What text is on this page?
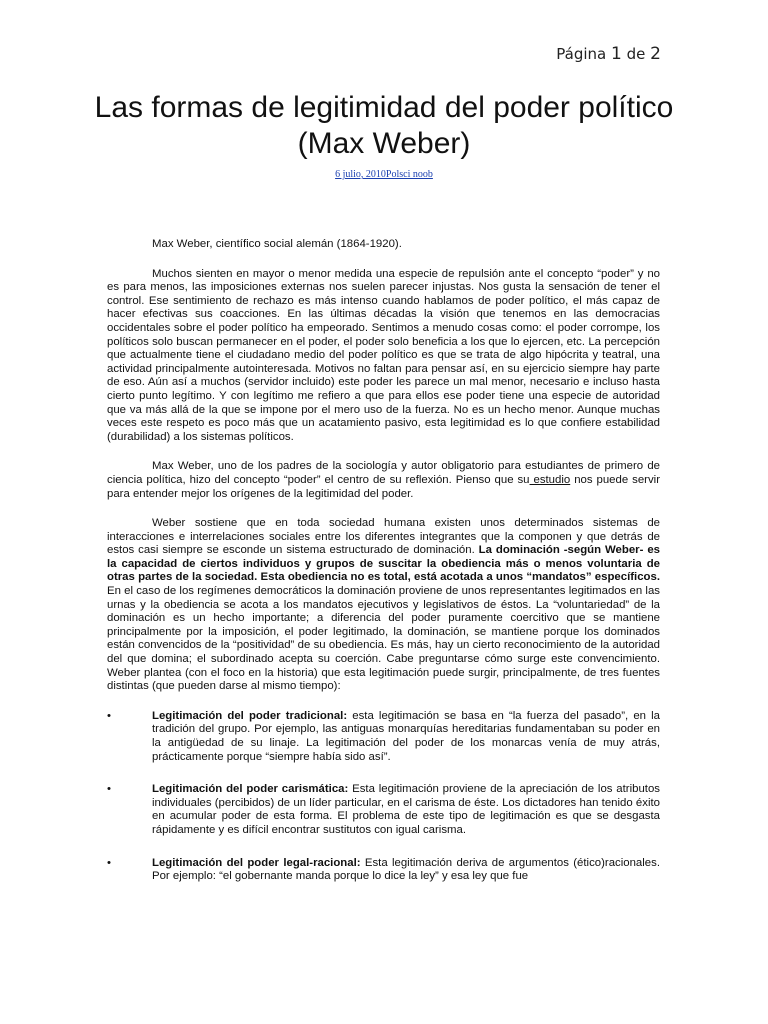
Página 1 de 2
Las formas de legitimidad del poder político (Max Weber)
6 julio, 2010Polsci noob

Max Weber, científico social alemán (1864-1920).

Muchos sienten en mayor o menor medida una especie de repulsión ante el concepto “poder” y no es para menos, las imposiciones externas nos suelen parecer injustas. Nos gusta la sensación de tener el control. Ese sentimiento de rechazo es más intenso cuando hablamos de poder político, el más capaz de hacer efectivas sus coacciones. En las últimas décadas la visión que tenemos en las democracias occidentales sobre el poder político ha empeorado. Sentimos a menudo cosas como: el poder corrompe, los políticos solo buscan permanecer en el poder, el poder solo beneficia a los que lo ejercen, etc. La percepción que actualmente tiene el ciudadano medio del poder político es que se trata de algo hipócrita y teatral, una actividad principalmente autointeresada. Motivos no faltan para pensar así, en su ejercicio siempre hay parte de eso. Aún así a muchos (servidor incluido) este poder les parece un mal menor, necesario e incluso hasta cierto punto legítimo. Y con legítimo me refiero a que para ellos ese poder tiene una especie de autoridad que va más allá de la que se impone por el mero uso de la fuerza. No es un hecho menor. Aunque muchas veces este respeto es poco más que un acatamiento pasivo, esta legitimidad es lo que confiere estabilidad (durabilidad) a los sistemas políticos.

Max Weber, uno de los padres de la sociología y autor obligatorio para estudiantes de primero de ciencia política, hizo del concepto “poder” el centro de su reflexión. Pienso que su estudio nos puede servir para entender mejor los orígenes de la legitimidad del poder.

Weber sostiene que en toda sociedad humana existen unos determinados sistemas de interacciones e interrelaciones sociales entre los diferentes integrantes que la componen y que detrás de estos casi siempre se esconde un sistema estructurado de dominación. La dominación -según Weber- es la capacidad de ciertos individuos y grupos de suscitar la obediencia más o menos voluntaria de otras partes de la sociedad. Esta obediencia no es total, está acotada a unos “mandatos” específicos. En el caso de los regímenes democráticos la dominación proviene de unos representantes legitimados en las urnas y la obediencia se acota a los mandatos ejecutivos y legislativos de éstos. La “voluntariedad” de la dominación es un hecho importante; a diferencia del poder puramente coercitivo que se mantiene principalmente por la imposición, el poder legitimado, la dominación, se mantiene porque los dominados están convencidos de la “positividad” de su obediencia. Es más, hay un cierto reconocimiento de la autoridad del que domina; el subordinado acepta su coerción. Cabe preguntarse cómo surge este convencimiento. Weber plantea (con el foco en la historia) que esta legitimación puede surgir, principalmente, de tres fuentes distintas (que pueden darse al mismo tiempo):

•	Legitimación del poder tradicional: esta legitimación se basa en “la fuerza del pasado”, en la tradición del grupo. Por ejemplo, las antiguas monarquías hereditarias fundamentaban su poder en la antigüedad de su linaje. La legitimación del poder de los monarcas venía de muy atrás, prácticamente porque “siempre había sido así”.
•	Legitimación del poder carismática: Esta legitimación proviene de la apreciación de los atributos individuales (percibidos) de un líder particular, en el carisma de éste. Los dictadores han tenido éxito en acumular poder de esta forma. El problema de este tipo de legitimación es que se desgasta rápidamente y es difícil encontrar sustitutos con igual carisma.
•	Legitimación del poder legal-racional: Esta legitimación deriva de argumentos (ético)racionales. Por ejemplo: “el gobernante manda porque lo dice la ley” y esa ley que fue
